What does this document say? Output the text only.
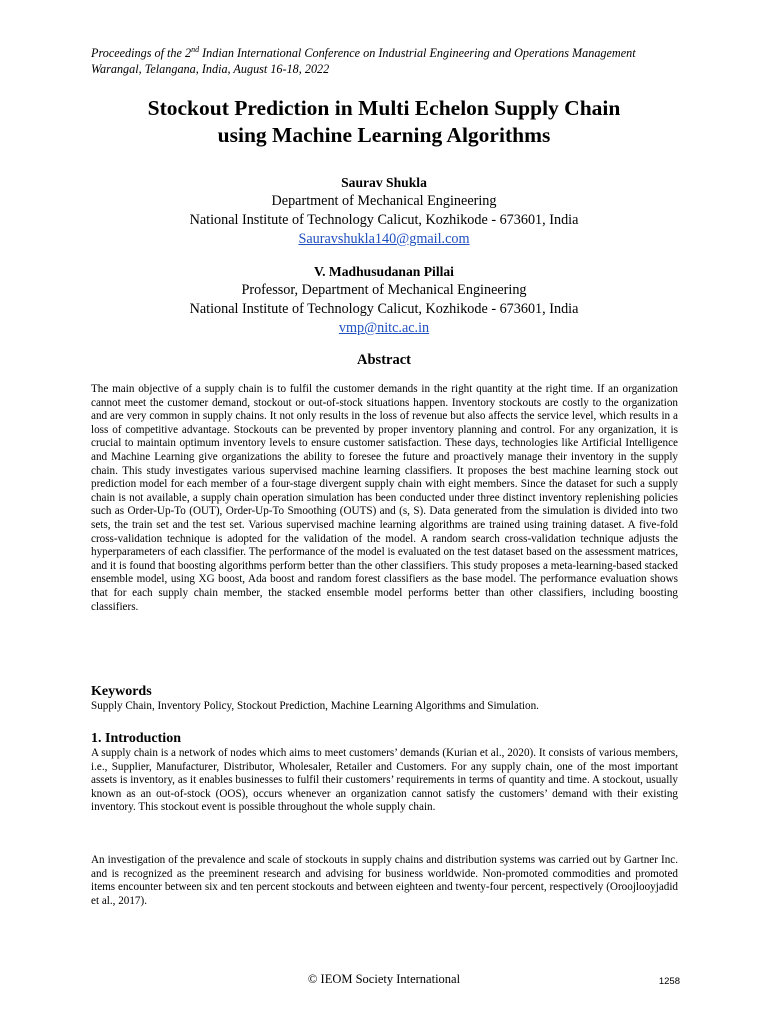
Proceedings of the 2nd Indian International Conference on Industrial Engineering and Operations Management
Warangal, Telangana, India, August 16-18, 2022
Stockout Prediction in Multi Echelon Supply Chain
using Machine Learning Algorithms
Saurav Shukla
Department of Mechanical Engineering
National Institute of Technology Calicut, Kozhikode - 673601, India
Sauravshukla140@gmail.com
V. Madhusudanan Pillai
Professor, Department of Mechanical Engineering
National Institute of Technology Calicut, Kozhikode - 673601, India
vmp@nitc.ac.in
Abstract
The main objective of a supply chain is to fulfil the customer demands in the right quantity at the right time. If an organization cannot meet the customer demand, stockout or out-of-stock situations happen. Inventory stockouts are costly to the organization and are very common in supply chains. It not only results in the loss of revenue but also affects the service level, which results in a loss of competitive advantage. Stockouts can be prevented by proper inventory planning and control. For any organization, it is crucial to maintain optimum inventory levels to ensure customer satisfaction. These days, technologies like Artificial Intelligence and Machine Learning give organizations the ability to foresee the future and proactively manage their inventory in the supply chain. This study investigates various supervised machine learning classifiers. It proposes the best machine learning stock out prediction model for each member of a four-stage divergent supply chain with eight members. Since the dataset for such a supply chain is not available, a supply chain operation simulation has been conducted under three distinct inventory replenishing policies such as Order-Up-To (OUT), Order-Up-To Smoothing (OUTS) and (s, S). Data generated from the simulation is divided into two sets, the train set and the test set. Various supervised machine learning algorithms are trained using training dataset. A five-fold cross-validation technique is adopted for the validation of the model. A random search cross-validation technique adjusts the hyperparameters of each classifier. The performance of the model is evaluated on the test dataset based on the assessment matrices, and it is found that boosting algorithms perform better than the other classifiers. This study proposes a meta-learning-based stacked ensemble model, using XG boost, Ada boost and random forest classifiers as the base model. The performance evaluation shows that for each supply chain member, the stacked ensemble model performs better than other classifiers, including boosting classifiers.
Keywords
Supply Chain, Inventory Policy, Stockout Prediction, Machine Learning Algorithms and Simulation.
1. Introduction
A supply chain is a network of nodes which aims to meet customers’ demands (Kurian et al., 2020). It consists of various members, i.e., Supplier, Manufacturer, Distributor, Wholesaler, Retailer and Customers. For any supply chain, one of the most important assets is inventory, as it enables businesses to fulfil their customers’ requirements in terms of quantity and time. A stockout, usually known as an out-of-stock (OOS), occurs whenever an organization cannot satisfy the customers’ demand with their existing inventory. This stockout event is possible throughout the whole supply chain.
An investigation of the prevalence and scale of stockouts in supply chains and distribution systems was carried out by Gartner Inc. and is recognized as the preeminent research and advising for business worldwide. Non-promoted commodities and promoted items encounter between six and ten percent stockouts and between eighteen and twenty-four percent, respectively (Oroojlooyjadid et al., 2017).
© IEOM Society International	1258
